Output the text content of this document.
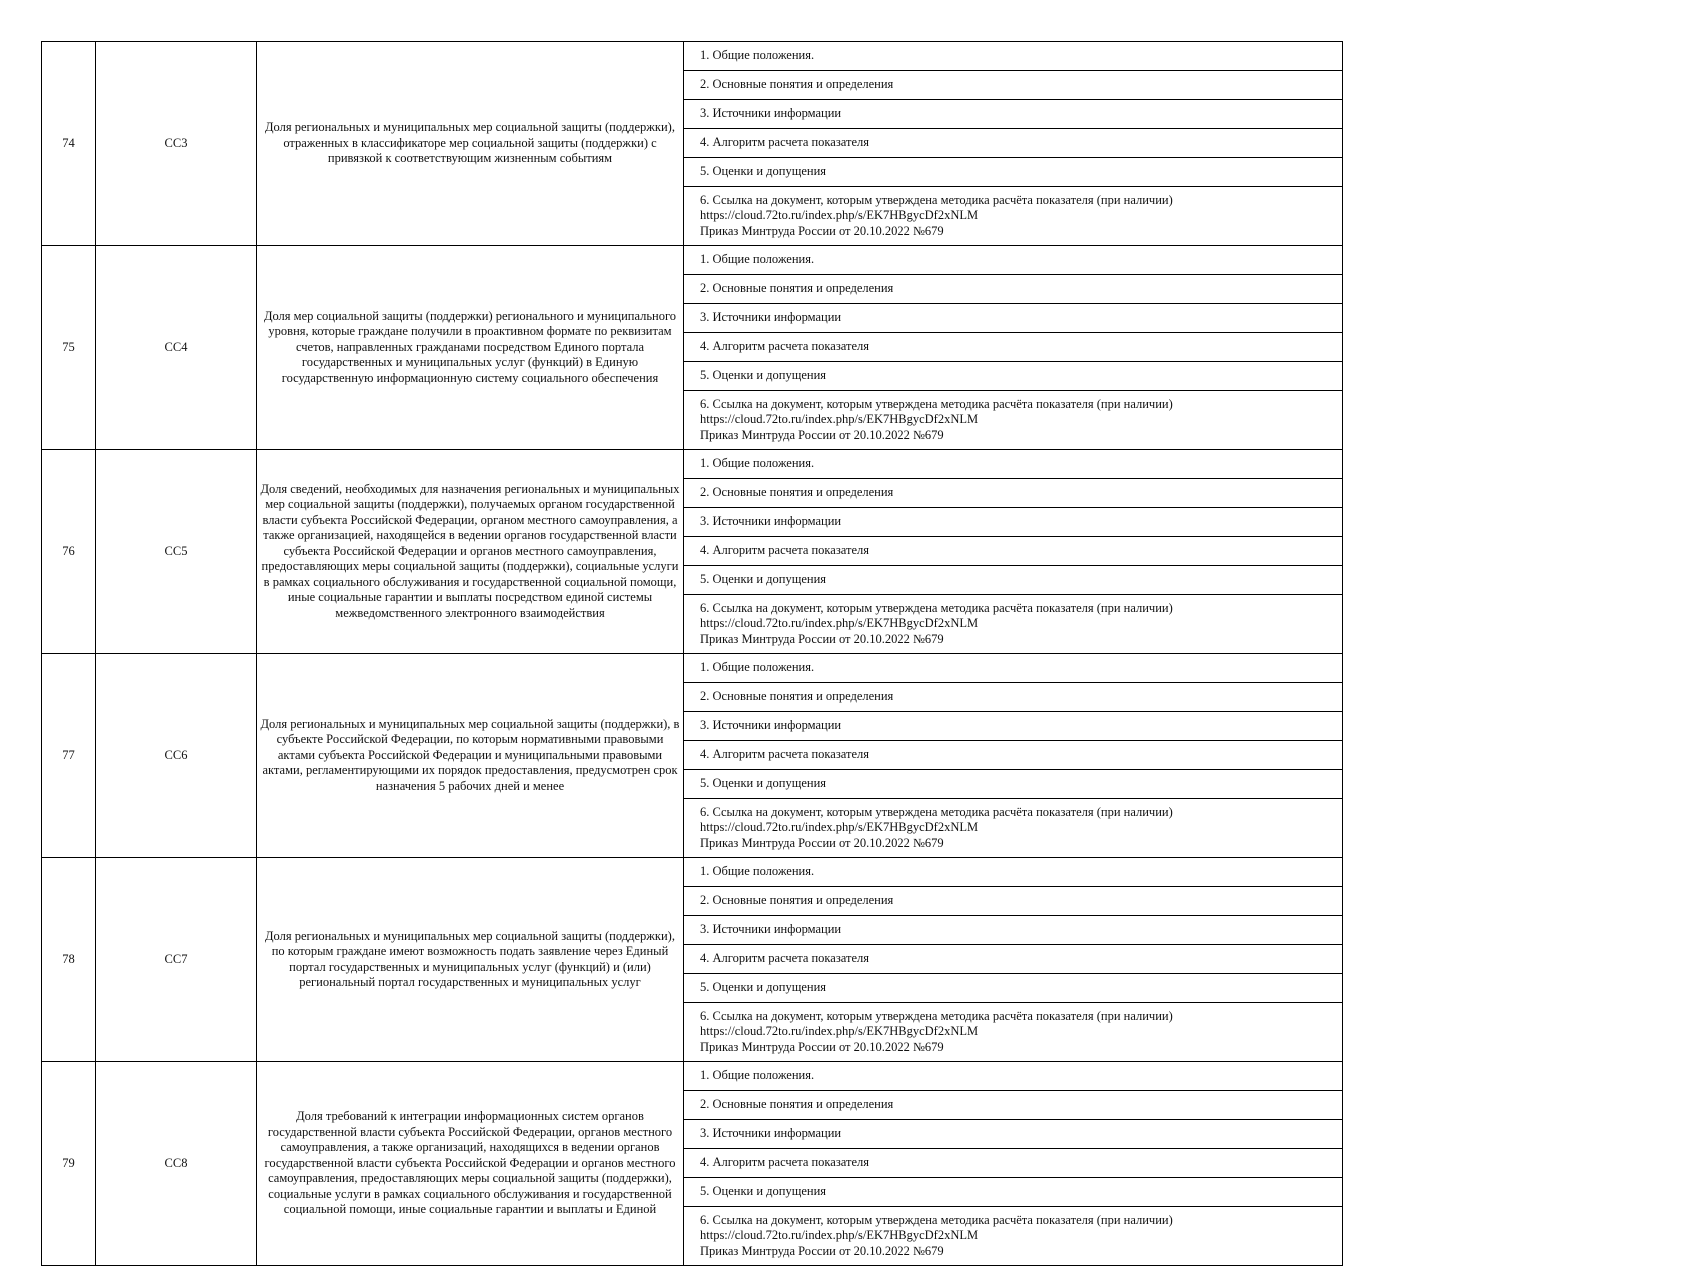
74	СС3	Доля региональных и муниципальных мер социальной защиты (поддержки), отраженных в классификаторе мер социальной защиты (поддержки) с привязкой к соответствующим жизненным событиям	1. Общие положения.
			2. Основные понятия и определения
			3. Источники информации
			4. Алгоритм расчета показателя
			5. Оценки и допущения

			6. Ссылка на документ, которым утверждена методика расчёта показателя (при наличии)
https://cloud.72to.ru/index.php/s/EK7HBgycDf2xNLM
Приказ Минтруда России от 20.10.2022 №679

75	СС4	Доля мер социальной защиты (поддержки) регионального и муниципального уровня, которые граждане получили в проактивном формате по реквизитам счетов, направленных гражданами посредством Единого портала государственных и муниципальных услуг (функций) в Единую государственную информационную систему социального обеспечения	1. Общие положения.
			2. Основные понятия и определения
			3. Источники информации
			4. Алгоритм расчета показателя
			5. Оценки и допущения

			6. Ссылка на документ, которым утверждена методика расчёта показателя (при наличии)
https://cloud.72to.ru/index.php/s/EK7HBgycDf2xNLM
Приказ Минтруда России от 20.10.2022 №679

76	СС5	Доля сведений, необходимых для назначения региональных и муниципальных мер социальной защиты (поддержки), получаемых органом государственной власти субъекта Российской Федерации, органом местного самоуправления, а также организацией, находящейся в ведении органов государственной власти субъекта Российской Федерации и органов местного самоуправления, предоставляющих меры социальной защиты (поддержки), социальные услуги в рамках социального обслуживания и государственной социальной помощи, иные социальные гарантии и выплаты посредством единой системы межведомственного электронного взаимодействия	1. Общие положения.
			2. Основные понятия и определения
			3. Источники информации
			4. Алгоритм расчета показателя
			5. Оценки и допущения

			6. Ссылка на документ, которым утверждена методика расчёта показателя (при наличии)
https://cloud.72to.ru/index.php/s/EK7HBgycDf2xNLM
Приказ Минтруда России от 20.10.2022 №679

77	СС6	Доля региональных и муниципальных мер социальной защиты (поддержки), в субъекте Российской Федерации, по которым нормативными правовыми актами субъекта Российской Федерации и муниципальными правовыми актами, регламентирующими их порядок предоставления, предусмотрен срок назначения 5 рабочих дней и менее	1. Общие положения.
			2. Основные понятия и определения
			3. Источники информации
			4. Алгоритм расчета показателя
			5. Оценки и допущения

			6. Ссылка на документ, которым утверждена методика расчёта показателя (при наличии)
https://cloud.72to.ru/index.php/s/EK7HBgycDf2xNLM
Приказ Минтруда России от 20.10.2022 №679

78	СС7	Доля региональных и муниципальных мер социальной защиты (поддержки), по которым граждане имеют возможность подать заявление через Единый портал государственных и муниципальных услуг (функций) и (или) региональный портал государственных и муниципальных услуг	1. Общие положения.
			2. Основные понятия и определения
			3. Источники информации
			4. Алгоритм расчета показателя
			5. Оценки и допущения

			6. Ссылка на документ, которым утверждена методика расчёта показателя (при наличии)
https://cloud.72to.ru/index.php/s/EK7HBgycDf2xNLM
Приказ Минтруда России от 20.10.2022 №679

79	СС8	Доля требований к интеграции информационных систем органов государственной власти субъекта Российской Федерации, органов местного самоуправления, а также организаций, находящихся в ведении органов государственной власти субъекта Российской Федерации и органов местного самоуправления, предоставляющих меры социальной защиты (поддержки), социальные услуги в рамках социального обслуживания и государственной социальной помощи, иные социальные гарантии и выплаты и Единой	1. Общие положения.
			2. Основные понятия и определения
			3. Источники информации
			4. Алгоритм расчета показателя
			5. Оценки и допущения

			6. Ссылка на документ, которым утверждена методика расчёта показателя (при наличии)
https://cloud.72to.ru/index.php/s/EK7HBgycDf2xNLM
Приказ Минтруда России от 20.10.2022 №679
